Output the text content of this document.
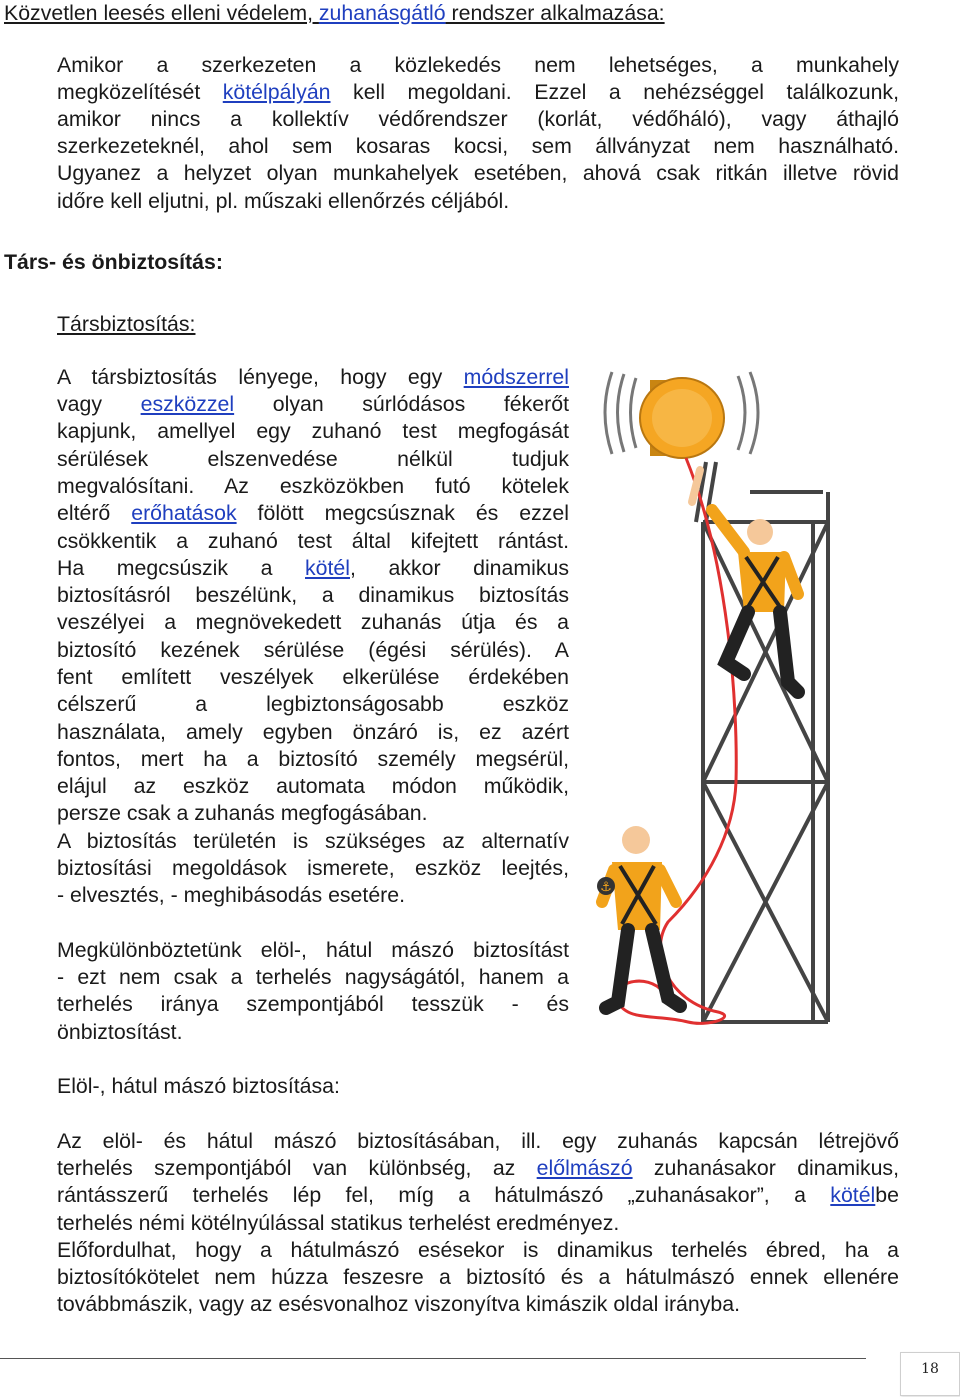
Közvetlen leesés elleni védelem, zuhanásgátló rendszer alkalmazása:
Amikor a szerkezeten a közlekedés nem lehetséges, a munkahely
megközelítését kötélpályán kell megoldani. Ezzel a nehézséggel találkozunk,
amikor nincs a kollektív védőrendszer (korlát, védőháló), vagy áthajló
szerkezeteknél, ahol sem kosaras kocsi, sem állványzat nem használható.
Ugyanez a helyzet olyan munkahelyek esetében, ahová csak ritkán illetve rövid
időre kell eljutni, pl. műszaki ellenőrzés céljából.
Társ- és önbiztosítás:
Társbiztosítás:
A társbiztosítás lényege, hogy egy módszerrel
vagy eszközzel olyan súrlódásos fékerőt
kapjunk, amellyel egy zuhanó test megfogását
sérülések elszenvedése nélkül tudjuk
megvalósítani. Az eszközökben futó kötelek
eltérő erőhatások fölött megcsúsznak és ezzel
csökkentik a zuhanó test által kifejtett rántást.
Ha megcsúszik a kötél, akkor dinamikus
biztosításról beszélünk, a dinamikus biztosítás
veszélyei a megnövekedett zuhanás útja és a
biztosító kezének sérülése (égési sérülés). A
fent említett veszélyek elkerülése érdekében
célszerű a legbiztonságosabb eszköz
használata, amely egyben önzáró is, ez azért
fontos, mert ha a biztosító személy megsérül,
elájul az eszköz automata módon működik,
persze csak a zuhanás megfogásában.
A biztosítás területén is szükséges az alternatív
biztosítási megoldások ismerete, eszköz leejtés,
- elvesztés, - meghibásodás esetére.
Megkülönböztetünk elöl-, hátul mászó biztosítást
- ezt nem csak a terhelés nagyságától, hanem a
terhelés iránya szempontjából tesszük - és
önbiztosítást.
Elöl-, hátul mászó biztosítása:
Az elöl- és hátul mászó biztosításában, ill. egy zuhanás kapcsán létrejövő
terhelés szempontjából van különbség, az előlmászó zuhanásakor dinamikus,
rántásszerű terhelés lép fel, míg a hátulmászó „zuhanásakor”, a kötélbe
terhelés némi kötélnyúlással statikus terhelést eredményez.
Előfordulhat, hogy a hátulmászó esésekor is dinamikus terhelés ébred, ha a
biztosítókötelet nem húzza feszesre a biztosító és a hátulmászó ennek ellenére
továbbmászik, vagy az esésvonalhoz viszonyítva kimászik oldal irányba.
⚓
18
